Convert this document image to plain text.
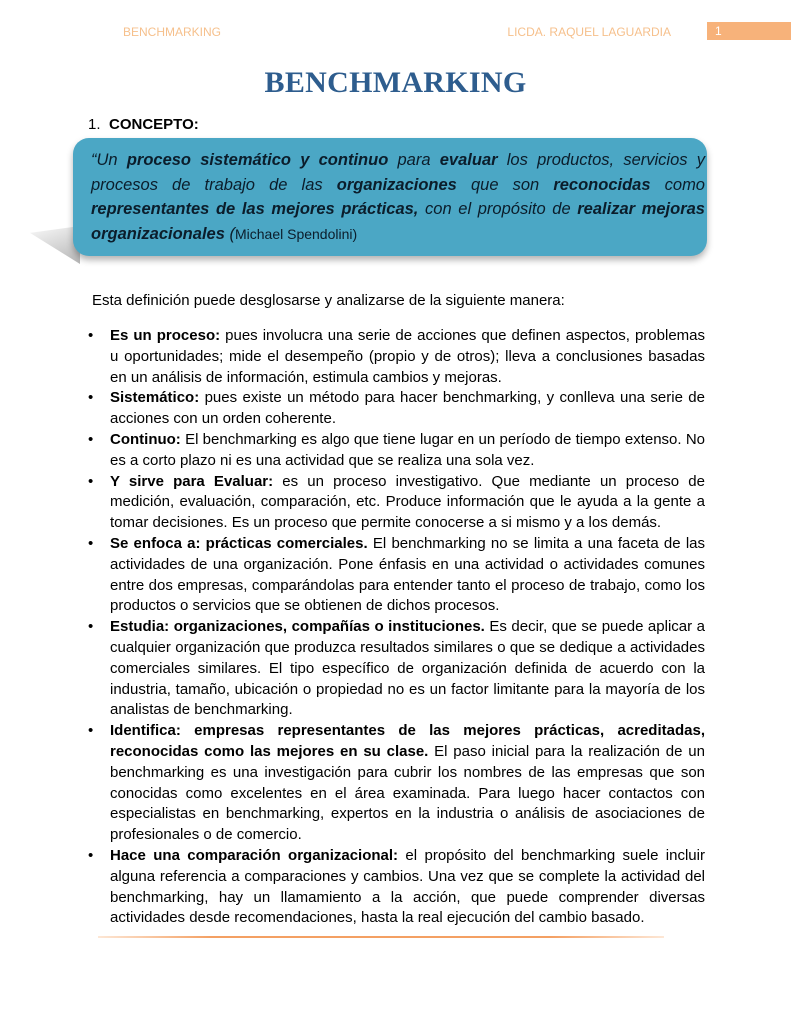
BENCHMARKING	LICDA. RAQUEL LAGUARDIA	1
BENCHMARKING
1. CONCEPTO:
“Un proceso sistemático y continuo para evaluar los productos, servicios y procesos de trabajo de las organizaciones que son reconocidas como representantes de las mejores prácticas, con el propósito de realizar mejoras organizacionales (Michael Spendolini)
Esta definición puede desglosarse y analizarse de la siguiente manera:
• Es un proceso: pues involucra una serie de acciones que definen aspectos, problemas u oportunidades; mide el desempeño (propio y de otros); lleva a conclusiones basadas en un análisis de información, estimula cambios y mejoras.
• Sistemático: pues existe un método para hacer benchmarking, y conlleva una serie de acciones con un orden coherente.
• Continuo: El benchmarking es algo que tiene lugar en un período de tiempo extenso. No es a corto plazo ni es una actividad que se realiza una sola vez.
• Y sirve para Evaluar: es un proceso investigativo. Que mediante un proceso de medición, evaluación, comparación, etc. Produce información que le ayuda a la gente a tomar decisiones. Es un proceso que permite conocerse a si mismo y a los demás.
• Se enfoca a: prácticas comerciales. El benchmarking no se limita a una faceta de las actividades de una organización. Pone énfasis en una actividad o actividades comunes entre dos empresas, comparándolas para entender tanto el proceso de trabajo, como los productos o servicios que se obtienen de dichos procesos.
• Estudia: organizaciones, compañías o instituciones. Es decir, que se puede aplicar a cualquier organización que produzca resultados similares o que se dedique a actividades comerciales similares. El tipo específico de organización definida de acuerdo con la industria, tamaño, ubicación o propiedad no es un factor limitante para la mayoría de los analistas de benchmarking.
• Identifica: empresas representantes de las mejores prácticas, acreditadas, reconocidas como las mejores en su clase. El paso inicial para la realización de un benchmarking es una investigación para cubrir los nombres de las empresas que son conocidas como excelentes en el área examinada. Para luego hacer contactos con especialistas en benchmarking, expertos en la industria o análisis de asociaciones de profesionales o de comercio.
• Hace una comparación organizacional: el propósito del benchmarking suele incluir alguna referencia a comparaciones y cambios. Una vez que se complete la actividad del benchmarking, hay un llamamiento a la acción, que puede comprender diversas actividades desde recomendaciones, hasta la real ejecución del cambio basado.
